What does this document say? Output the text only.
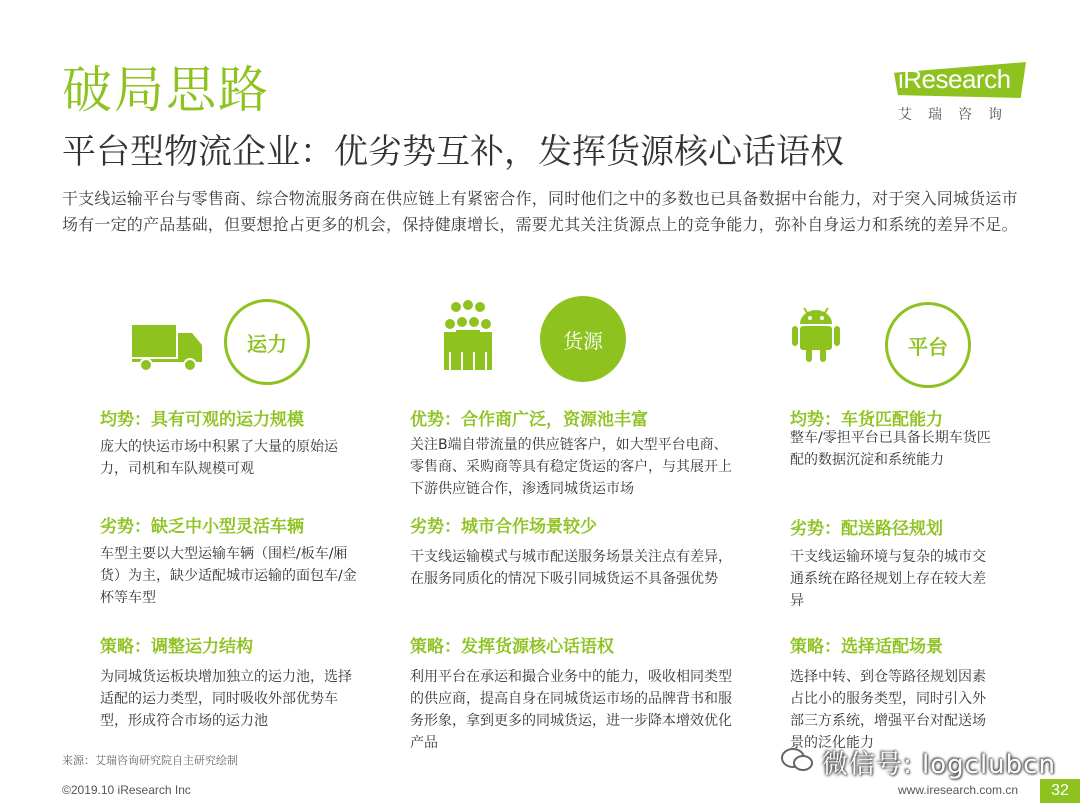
破局思路
平台型物流企业：优劣势互补，发挥货源核心话语权
干支线运输平台与零售商、综合物流服务商在供应链上有紧密合作，同时他们之中的多数也已具备数据中台能力，对于突入同城货运市场有一定的产品基础，但要想抢占更多的机会，保持健康增长，需要尤其关注货源点上的竞争能力，弥补自身运力和系统的差异不足。
iResearch
艾瑞咨询
运力
均势：具有可观的运力规模
庞大的快运市场中积累了大量的原始运力，司机和车队规模可观
劣势：缺乏中小型灵活车辆
车型主要以大型运输车辆（围栏/板车/厢货）为主，缺少适配城市运输的面包车/金杯等车型
策略：调整运力结构
为同城货运板块增加独立的运力池，选择适配的运力类型，同时吸收外部优势车型，形成符合市场的运力池
货源
优势：合作商广泛，资源池丰富
关注B端自带流量的供应链客户，如大型平台电商、零售商、采购商等具有稳定货运的客户，与其展开上下游供应链合作，渗透同城货运市场
劣势：城市合作场景较少
干支线运输模式与城市配送服务场景关注点有差异，在服务同质化的情况下吸引同城货运不具备强优势
策略：发挥货源核心话语权
利用平台在承运和撮合业务中的能力，吸收相同类型的供应商，提高自身在同城货运市场的品牌背书和服务形象，拿到更多的同城货运，进一步降本增效优化产品
平台
均势：车货匹配能力
整车/零担平台已具备长期车货匹配的数据沉淀和系统能力
劣势：配送路径规划
干支线运输环境与复杂的城市交通系统在路径规划上存在较大差异
策略：选择适配场景
选择中转、到仓等路径规划因素占比小的服务类型，同时引入外部三方系统，增强平台对配送场景的泛化能力
来源：艾瑞咨询研究院自主研究绘制
©2019.10 iResearch Inc	www.iresearch.com.cn	32
微信号: logclubcn
